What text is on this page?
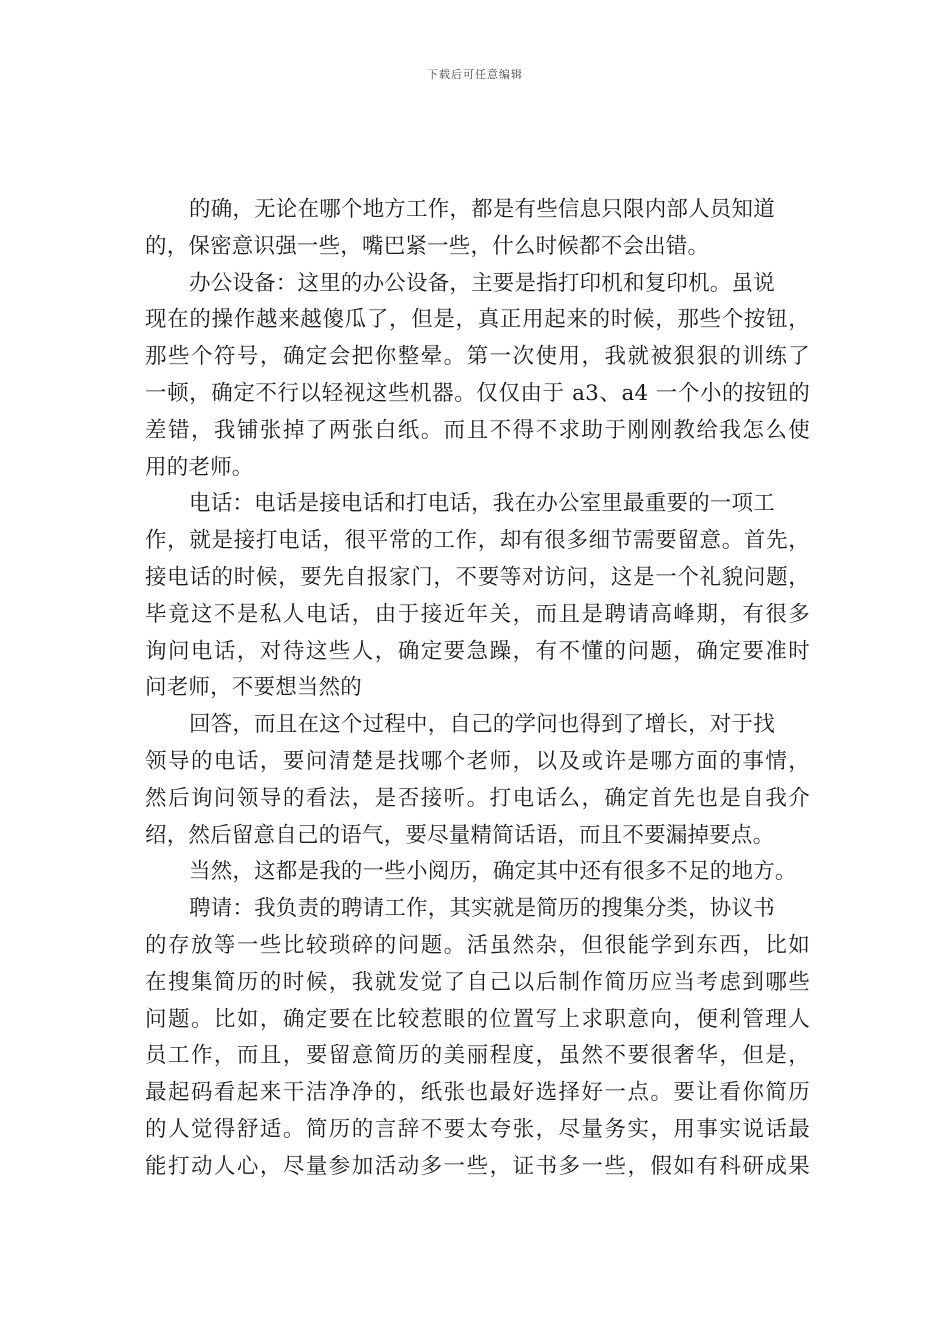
下载后可任意编辑
的确，无论在哪个地方工作，都是有些信息只限内部人员知道
的，保密意识强一些，嘴巴紧一些，什么时候都不会出错。
办公设备：这里的办公设备，主要是指打印机和复印机。虽说
现在的操作越来越傻瓜了，但是，真正用起来的时候，那些个按钮，
那些个符号，确定会把你整晕。第一次使用，我就被狠狠的训练了
一顿，确定不行以轻视这些机器。仅仅由于 a3、a4 一个小的按钮的
差错，我铺张掉了两张白纸。而且不得不求助于刚刚教给我怎么使
用的老师。
电话：电话是接电话和打电话，我在办公室里最重要的一项工
作，就是接打电话，很平常的工作，却有很多细节需要留意。首先，
接电话的时候，要先自报家门，不要等对访问，这是一个礼貌问题，
毕竟这不是私人电话，由于接近年关，而且是聘请高峰期，有很多
询问电话，对待这些人，确定要急躁，有不懂的问题，确定要准时
问老师，不要想当然的
回答，而且在这个过程中，自己的学问也得到了增长，对于找
领导的电话，要问清楚是找哪个老师，以及或许是哪方面的事情，
然后询问领导的看法，是否接听。打电话么，确定首先也是自我介
绍，然后留意自己的语气，要尽量精简话语，而且不要漏掉要点。
当然，这都是我的一些小阅历，确定其中还有很多不足的地方。
聘请：我负责的聘请工作，其实就是简历的搜集分类，协议书
的存放等一些比较琐碎的问题。活虽然杂，但很能学到东西，比如
在搜集简历的时候，我就发觉了自己以后制作简历应当考虑到哪些
问题。比如，确定要在比较惹眼的位置写上求职意向，便利管理人
员工作，而且，要留意简历的美丽程度，虽然不要很奢华，但是，
最起码看起来干洁净净的，纸张也最好选择好一点。要让看你简历
的人觉得舒适。简历的言辞不要太夸张，尽量务实，用事实说话最
能打动人心，尽量参加活动多一些，证书多一些，假如有科研成果
